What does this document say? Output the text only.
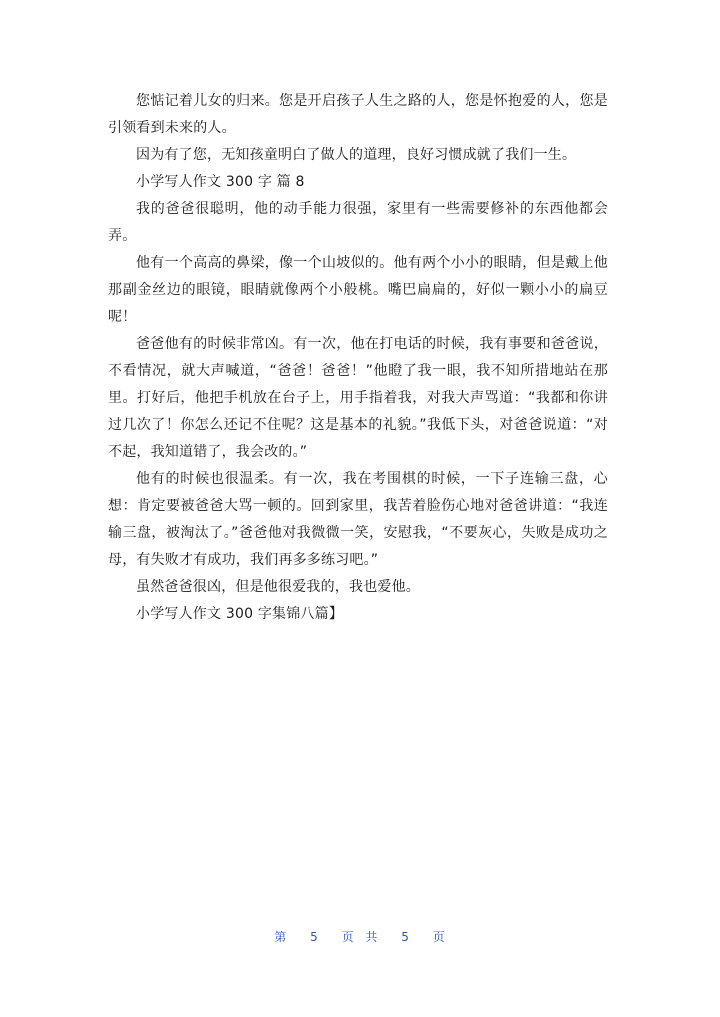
您惦记着儿女的归来。您是开启孩子人生之路的人，您是怀抱爱的人，您是引领看到未来的人。

因为有了您，无知孩童明白了做人的道理，良好习惯成就了我们一生。

小学写人作文 300 字 篇 8

我的爸爸很聪明，他的动手能力很强，家里有一些需要修补的东西他都会弄。

他有一个高高的鼻梁，像一个山坡似的。他有两个小小的眼睛，但是戴上他那副金丝边的眼镜，眼睛就像两个小般桃。嘴巴扁扁的，好似一颗小小的扁豆呢！

爸爸他有的时候非常凶。有一次，他在打电话的时候，我有事要和爸爸说，不看情况，就大声喊道，“爸爸！爸爸！”他瞪了我一眼，我不知所措地站在那里。打好后，他把手机放在台子上，用手指着我，对我大声骂道：“我都和你讲过几次了！你怎么还记不住呢？这是基本的礼貌。”我低下头，对爸爸说道：“对不起，我知道错了，我会改的。”

他有的时候也很温柔。有一次，我在考围棋的时候，一下子连输三盘，心想：肯定要被爸爸大骂一顿的。回到家里，我苦着脸伤心地对爸爸讲道：“我连输三盘，被淘汰了。”爸爸他对我微微一笑，安慰我，“不要灰心，失败是成功之母，有失败才有成功，我们再多多练习吧。”

虽然爸爸很凶，但是他很爱我的，我也爱他。

小学写人作文 300 字集锦八篇】

第 5 页 共 5 页
